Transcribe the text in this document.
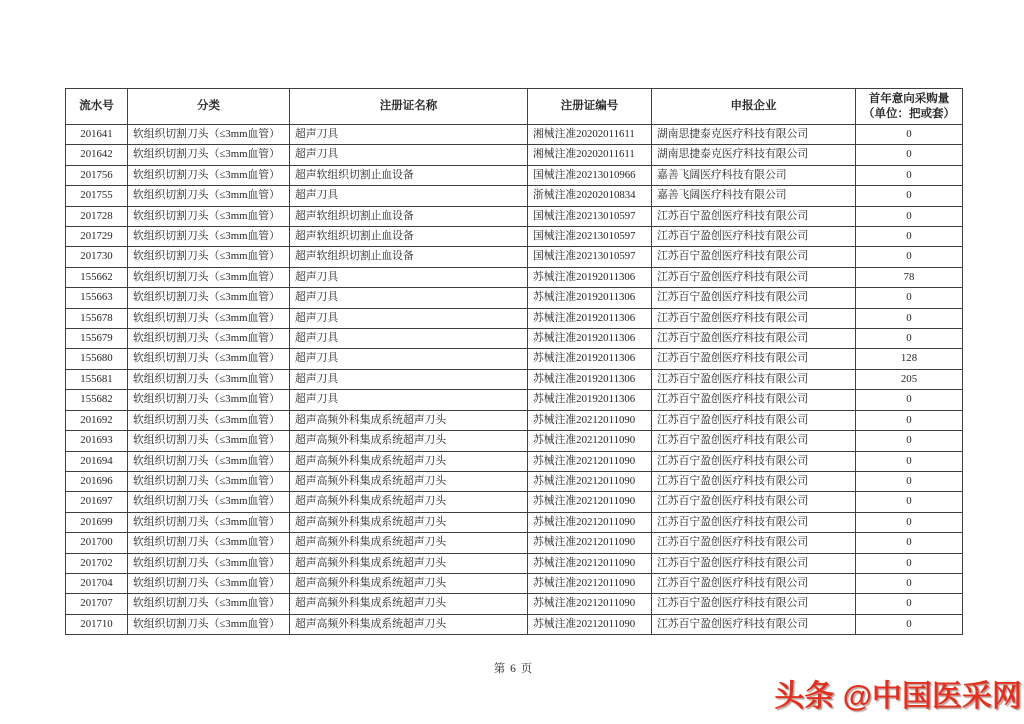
流水号	分类	注册证名称	注册证编号	申报企业	首年意向采购量
（单位：把或套）

201641	软组织切割刀头（≤3mm血管）	超声刀具	湘械注准20202011611	湖南思捷泰克医疗科技有限公司	0
201642	软组织切割刀头（≤3mm血管）	超声刀具	湘械注准20202011611	湖南思捷泰克医疗科技有限公司	0
201756	软组织切割刀头（≤3mm血管）	超声软组织切割止血设备	国械注准20213010966	嘉善飞阔医疗科技有限公司	0
201755	软组织切割刀头（≤3mm血管）	超声刀具	浙械注准20202010834	嘉善飞阔医疗科技有限公司	0
201728	软组织切割刀头（≤3mm血管）	超声软组织切割止血设备	国械注准20213010597	江苏百宁盈创医疗科技有限公司	0
201729	软组织切割刀头（≤3mm血管）	超声软组织切割止血设备	国械注准20213010597	江苏百宁盈创医疗科技有限公司	0
201730	软组织切割刀头（≤3mm血管）	超声软组织切割止血设备	国械注准20213010597	江苏百宁盈创医疗科技有限公司	0
155662	软组织切割刀头（≤3mm血管）	超声刀具	苏械注准20192011306	江苏百宁盈创医疗科技有限公司	78
155663	软组织切割刀头（≤3mm血管）	超声刀具	苏械注准20192011306	江苏百宁盈创医疗科技有限公司	0
155678	软组织切割刀头（≤3mm血管）	超声刀具	苏械注准20192011306	江苏百宁盈创医疗科技有限公司	0
155679	软组织切割刀头（≤3mm血管）	超声刀具	苏械注准20192011306	江苏百宁盈创医疗科技有限公司	0
155680	软组织切割刀头（≤3mm血管）	超声刀具	苏械注准20192011306	江苏百宁盈创医疗科技有限公司	128
155681	软组织切割刀头（≤3mm血管）	超声刀具	苏械注准20192011306	江苏百宁盈创医疗科技有限公司	205
155682	软组织切割刀头（≤3mm血管）	超声刀具	苏械注准20192011306	江苏百宁盈创医疗科技有限公司	0
201692	软组织切割刀头（≤3mm血管）	超声高频外科集成系统超声刀头	苏械注准20212011090	江苏百宁盈创医疗科技有限公司	0
201693	软组织切割刀头（≤3mm血管）	超声高频外科集成系统超声刀头	苏械注准20212011090	江苏百宁盈创医疗科技有限公司	0
201694	软组织切割刀头（≤3mm血管）	超声高频外科集成系统超声刀头	苏械注准20212011090	江苏百宁盈创医疗科技有限公司	0
201696	软组织切割刀头（≤3mm血管）	超声高频外科集成系统超声刀头	苏械注准20212011090	江苏百宁盈创医疗科技有限公司	0
201697	软组织切割刀头（≤3mm血管）	超声高频外科集成系统超声刀头	苏械注准20212011090	江苏百宁盈创医疗科技有限公司	0
201699	软组织切割刀头（≤3mm血管）	超声高频外科集成系统超声刀头	苏械注准20212011090	江苏百宁盈创医疗科技有限公司	0
201700	软组织切割刀头（≤3mm血管）	超声高频外科集成系统超声刀头	苏械注准20212011090	江苏百宁盈创医疗科技有限公司	0
201702	软组织切割刀头（≤3mm血管）	超声高频外科集成系统超声刀头	苏械注准20212011090	江苏百宁盈创医疗科技有限公司	0
201704	软组织切割刀头（≤3mm血管）	超声高频外科集成系统超声刀头	苏械注准20212011090	江苏百宁盈创医疗科技有限公司	0
201707	软组织切割刀头（≤3mm血管）	超声高频外科集成系统超声刀头	苏械注准20212011090	江苏百宁盈创医疗科技有限公司	0
201710	软组织切割刀头（≤3mm血管）	超声高频外科集成系统超声刀头	苏械注准20212011090	江苏百宁盈创医疗科技有限公司	0
第 6 页
头条 @中国医采网
